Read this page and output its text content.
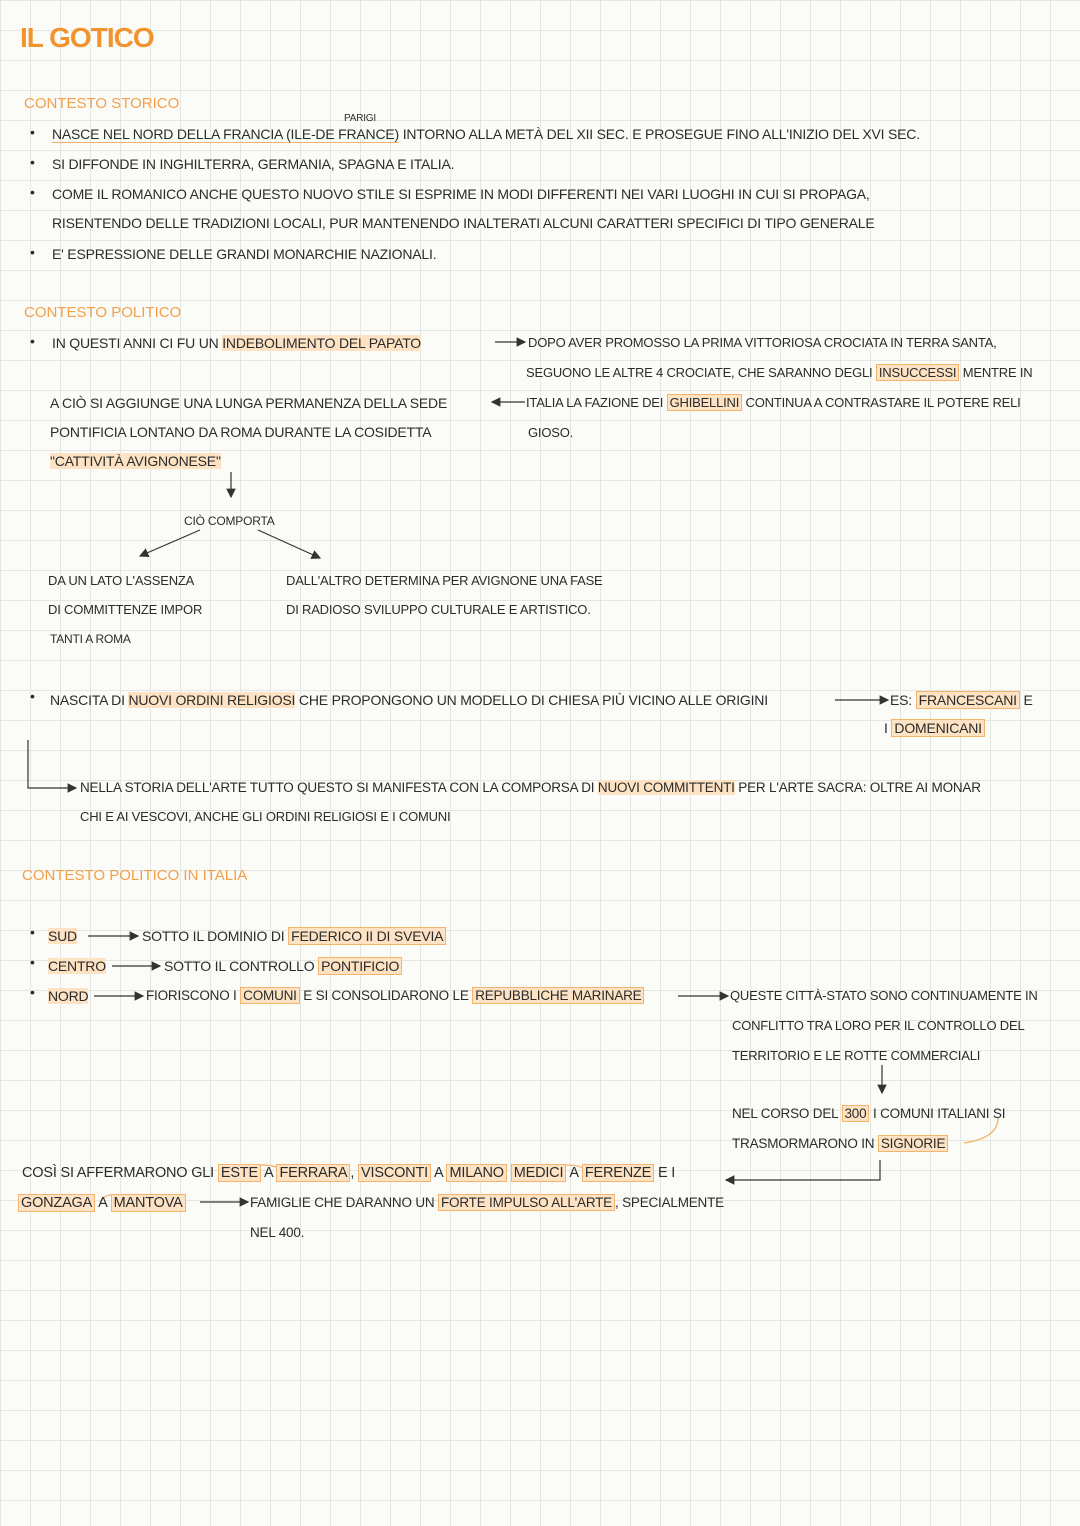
IL GOTICO
CONTESTO STORICO
•
PARIGI
NASCE NEL NORD DELLA FRANCIA (ILE-DE FRANCE) INTORNO ALLA METÀ DEL XII SEC. E PROSEGUE FINO ALL'INIZIO DEL XVI SEC.
• SI DIFFONDE IN INGHILTERRA, GERMANIA, SPAGNA E ITALIA.
• COME IL ROMANICO ANCHE QUESTO NUOVO STILE SI ESPRIME IN MODI DIFFERENTI NEI VARI LUOGHI IN CUI SI PROPAGA,
RISENTENDO DELLE TRADIZIONI LOCALI, PUR MANTENENDO INALTERATI ALCUNI CARATTERI SPECIFICI DI TIPO GENERALE
• E' ESPRESSIONE DELLE GRANDI MONARCHIE NAZIONALI.
CONTESTO POLITICO
• IN QUESTI ANNI CI FU UN INDEBOLIMENTO DEL PAPATO	DOPO AVER PROMOSSO LA PRIMA VITTORIOSA CROCIATA IN TERRA SANTA,
SEGUONO LE ALTRE 4 CROCIATE, CHE SARANNO DEGLI INSUCCESSI MENTRE IN
ITALIA LA FAZIONE DEI GHIBELLINI CONTINUA A CONTRASTARE IL POTERE RELI
GIOSO.
A CIÒ SI AGGIUNGE UNA LUNGA PERMANENZA DELLA SEDE
PONTIFICIA LONTANO DA ROMA DURANTE LA COSIDETTA
"CATTIVITÀ AVIGNONESE"
CIÒ COMPORTA
DA UN LATO L'ASSENZA
DI COMMITTENZE IMPOR
TANTI A ROMA
DALL'ALTRO DETERMINA PER AVIGNONE UNA FASE
DI RADIOSO SVILUPPO CULTURALE E ARTISTICO.
• NASCITA DI NUOVI ORDINI RELIGIOSI CHE PROPONGONO UN MODELLO DI CHIESA PIÙ VICINO ALLE ORIGINI	ES: FRANCESCANI E
I DOMENICANI
NELLA STORIA DELL'ARTE TUTTO QUESTO SI MANIFESTA CON LA COMPORSA DI NUOVI COMMITTENTI PER L'ARTE SACRA: OLTRE AI MONAR
CHI E AI VESCOVI, ANCHE GLI ORDINI RELIGIOSI E I COMUNI
CONTESTO POLITICO IN ITALIA
• SUD	SOTTO IL DOMINIO DI FEDERICO II DI SVEVIA
• CENTRO	SOTTO IL CONTROLLO PONTIFICIO
• NORD	FIORISCONO I COMUNI E SI CONSOLIDARONO LE REPUBBLICHE MARINARE	QUESTE CITTÀ-STATO SONO CONTINUAMENTE IN
CONFLITTO TRA LORO PER IL CONTROLLO DEL
TERRITORIO E LE ROTTE COMMERCIALI
NEL CORSO DEL 300 I COMUNI ITALIANI SI
TRASMORMARONO IN SIGNORIE
COSÌ SI AFFERMARONO GLI ESTE A FERRARA , VISCONTI A MILANO MEDICI A FERENZE E I
GONZAGA A MANTOVA	FAMIGLIE CHE DARANNO UN FORTE IMPULSO ALL'ARTE , SPECIALMENTE
NEL 400.
